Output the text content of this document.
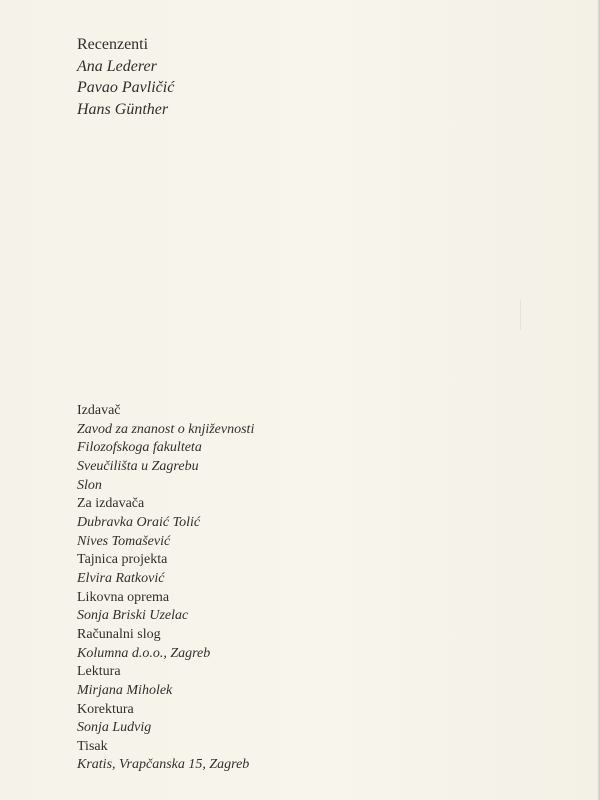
Recenzenti
Ana Lederer
Pavao Pavličić
Hans Günther
Izdavač
Zavod za znanost o književnosti
Filozofskoga fakulteta
Sveučilišta u Zagrebu
Slon
Za izdavača
Dubravka Oraić Tolić
Nives Tomašević
Tajnica projekta
Elvira Ratković
Likovna oprema
Sonja Briski Uzelac
Računalni slog
Kolumna d.o.o., Zagreb
Lektura
Mirjana Miholek
Korektura
Sonja Ludvig
Tisak
Kratis, Vrapčanska 15, Zagreb
